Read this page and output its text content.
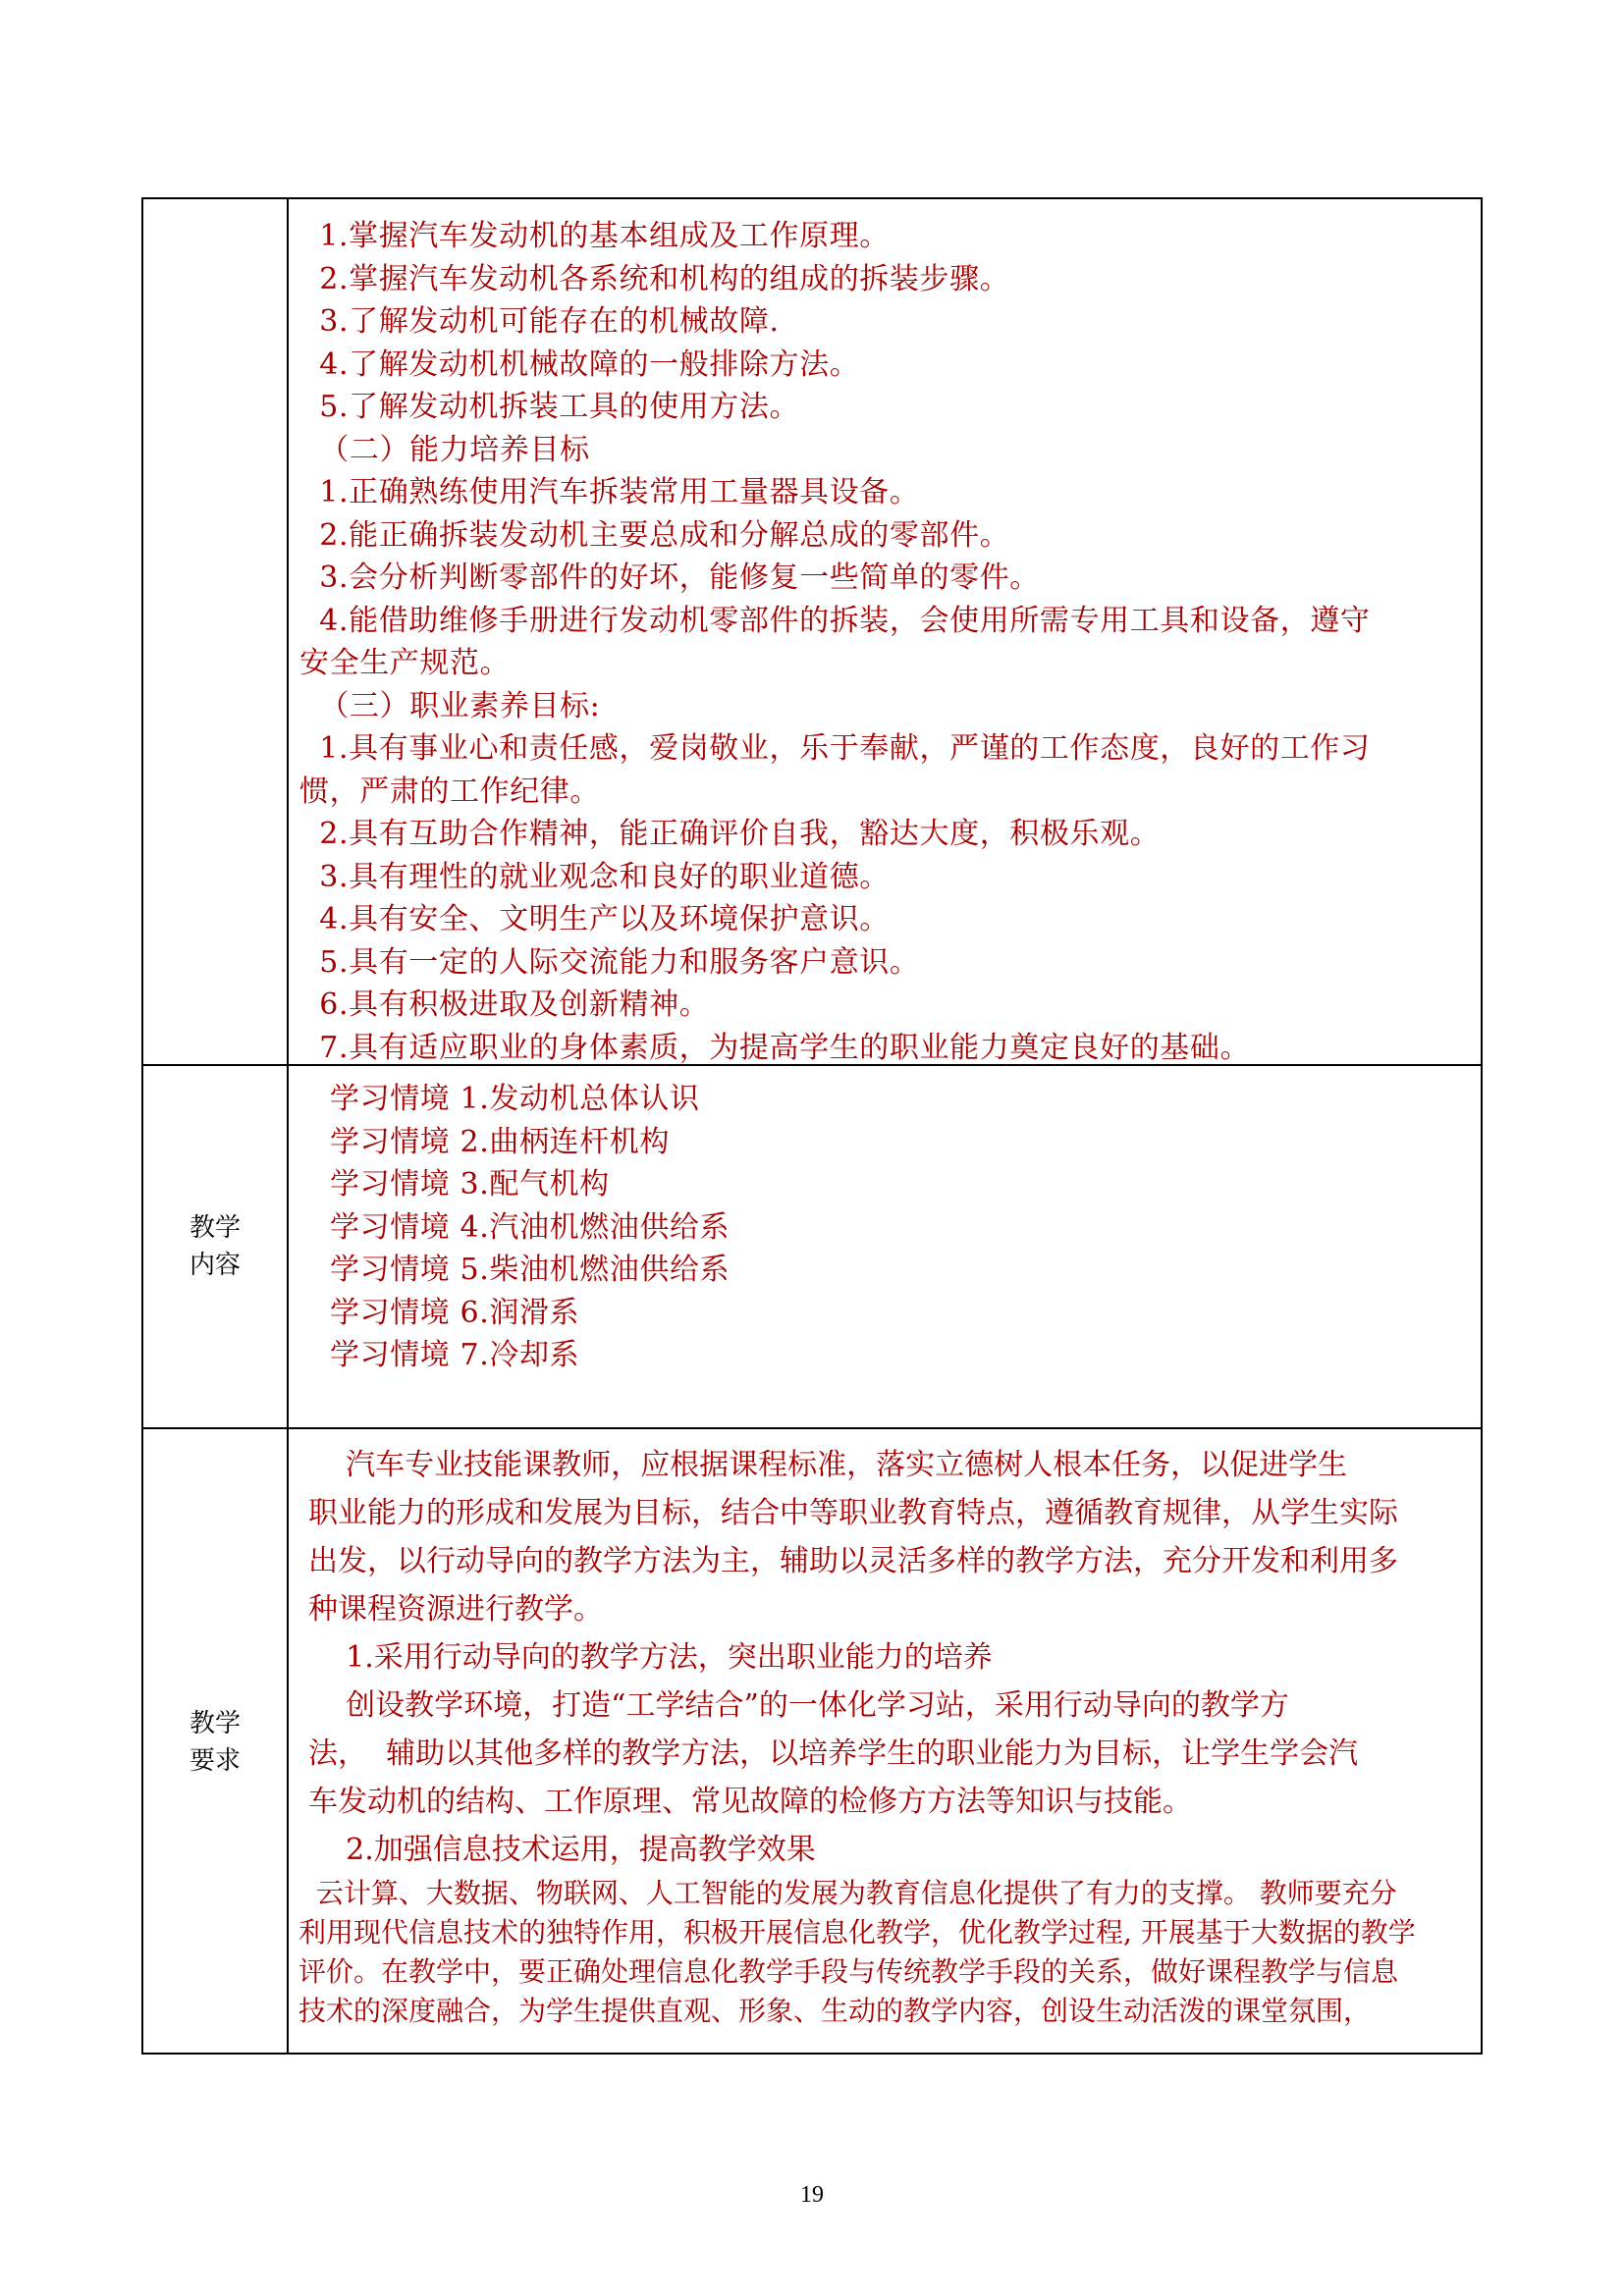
1.掌握汽车发动机的基本组成及工作原理。
2.掌握汽车发动机各系统和机构的组成的拆装步骤。
3.了解发动机可能存在的机械故障.
4.了解发动机机械故障的一般排除方法。
5.了解发动机拆装工具的使用方法。
（二）能力培养目标
1.正确熟练使用汽车拆装常用工量器具设备。
2.能正确拆装发动机主要总成和分解总成的零部件。
3.会分析判断零部件的好坏，能修复一些简单的零件。
4.能借助维修手册进行发动机零部件的拆装，会使用所需专用工具和设备，遵守
安全生产规范。
（三）职业素养目标:
1.具有事业心和责任感，爱岗敬业，乐于奉献，严谨的工作态度，良好的工作习
惯，严肃的工作纪律。
2.具有互助合作精神，能正确评价自我，豁达大度，积极乐观。
3.具有理性的就业观念和良好的职业道德。
4.具有安全、文明生产以及环境保护意识。
5.具有一定的人际交流能力和服务客户意识。
6.具有积极进取及创新精神。
7.具有适应职业的身体素质，为提高学生的职业能力奠定良好的基础。
教学内容
学习情境 1.发动机总体认识
学习情境 2.曲柄连杆机构
学习情境 3.配气机构
学习情境 4.汽油机燃油供给系
学习情境 5.柴油机燃油供给系
学习情境 6.润滑系
学习情境 7.冷却系
教学要求
汽车专业技能课教师，应根据课程标准，落实立德树人根本任务，以促进学生
职业能力的形成和发展为目标，结合中等职业教育特点，遵循教育规律，从学生实际
出发，以行动导向的教学方法为主，辅助以灵活多样的教学方法，充分开发和利用多
种课程资源进行教学。
1.采用行动导向的教学方法，突出职业能力的培养
创设教学环境，打造“工学结合”的一体化学习站，采用行动导向的教学方
法，  辅助以其他多样的教学方法，以培养学生的职业能力为目标，让学生学会汽
车发动机的结构、工作原理、常见故障的检修方方法等知识与技能。
2.加强信息技术运用，提高教学效果
云计算、大数据、物联网、人工智能的发展为教育信息化提供了有力的支撑。 教师要充分
利用现代信息技术的独特作用，积极开展信息化教学，优化教学过程, 开展基于大数据的教学
评价。在教学中，要正确处理信息化教学手段与传统教学手段的关系，做好课程教学与信息
技术的深度融合，为学生提供直观、形象、生动的教学内容，创设生动活泼的课堂氛围，
19
